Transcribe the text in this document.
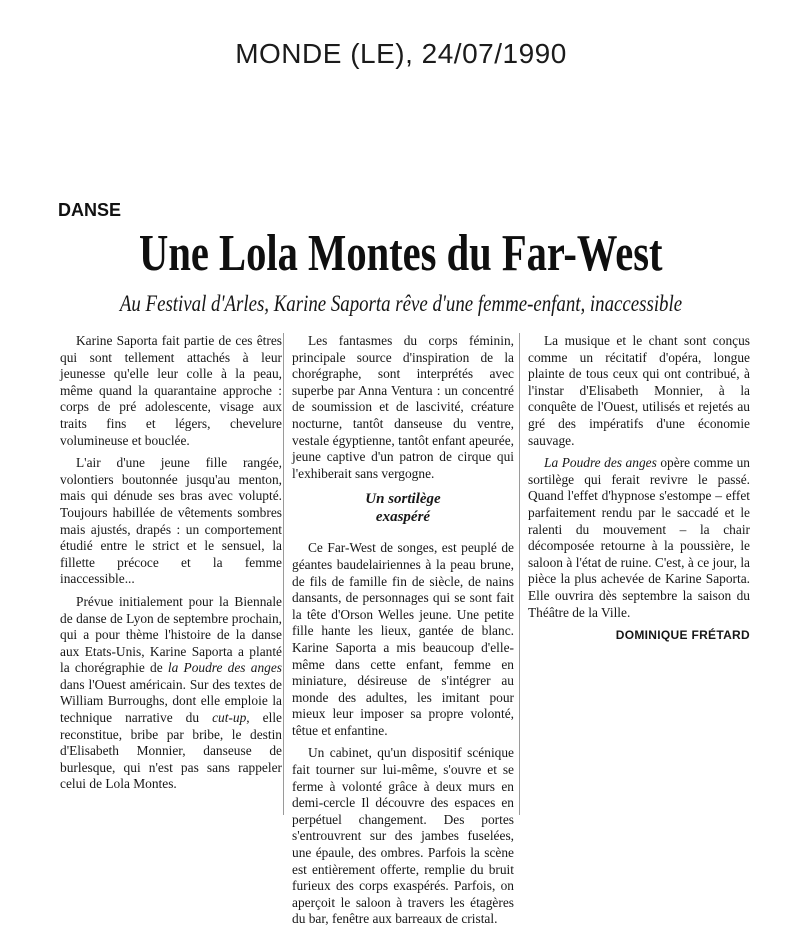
MONDE (LE), 24/07/1990
DANSE
Une Lola Montes du Far-West
Au Festival d'Arles, Karine Saporta rêve d'une femme-enfant, inaccessible

Karine Saporta fait partie de ces êtres qui sont tellement attachés à leur jeunesse qu'elle leur colle à la peau, même quand la quarantaine approche : corps de pré adolescente, visage aux traits fins et légers, chevelure volumineuse et bouclée.

L'air d'une jeune fille rangée, volontiers boutonnée jusqu'au menton, mais qui dénude ses bras avec volupté. Toujours habillée de vêtements sombres mais ajustés, drapés : un comportement étudié entre le strict et le sensuel, la fillette précoce et la femme inaccessible...

Prévue initialement pour la Biennale de danse de Lyon de septembre prochain, qui a pour thème l'histoire de la danse aux Etats-Unis, Karine Saporta a planté la chorégraphie de la Poudre des anges dans l'Ouest américain. Sur des textes de William Burroughs, dont elle emploie la technique narrative du cut-up, elle reconstitue, bribe par bribe, le destin d'Elisabeth Monnier, danseuse de burlesque, qui n'est pas sans rappeler celui de Lola Montes.

Les fantasmes du corps féminin, principale source d'inspiration de la chorégraphe, sont interprétés avec superbe par Anna Ventura : un concentré de soumission et de lascivité, créature nocturne, tantôt danseuse du ventre, vestale égyptienne, tantôt enfant apeurée, jeune captive d'un patron de cirque qui l'exhiberait sans vergogne.

Un sortilège
exaspéré

Ce Far-West de songes, est peuplé de géantes baudelairiennes à la peau brune, de fils de famille fin de siècle, de nains dansants, de personnages qui se sont fait la tête d'Orson Welles jeune. Une petite fille hante les lieux, gantée de blanc. Karine Saporta a mis beaucoup d'elle-même dans cette enfant, femme en miniature, désireuse de s'intégrer au monde des adultes, les imitant pour mieux leur imposer sa propre volonté, têtue et enfantine.

Un cabinet, qu'un dispositif scénique fait tourner sur lui-même, s'ouvre et se ferme à volonté grâce à deux murs en demi-cercle Il découvre des espaces en perpétuel changement. Des portes s'entrouvrent sur des jambes fuselées, une épaule, des ombres. Parfois la scène est entièrement offerte, remplie du bruit furieux des corps exaspérés. Parfois, on aperçoit le saloon à travers les étagères du bar, fenêtre aux barreaux de cristal.

La musique et le chant sont conçus comme un récitatif d'opéra, longue plainte de tous ceux qui ont contribué, à l'instar d'Elisabeth Monnier, à la conquête de l'Ouest, utilisés et rejetés au gré des impératifs d'une économie sauvage.

La Poudre des anges opère comme un sortilège qui ferait revivre le passé. Quand l'effet d'hypnose s'estompe – effet parfaitement rendu par le saccadé et le ralenti du mouvement – la chair décomposée retourne à la poussière, le saloon à l'état de ruine. C'est, à ce jour, la pièce la plus achevée de Karine Saporta. Elle ouvrira dès septembre la saison du Théâtre de la Ville.

DOMINIQUE FRÉTARD
